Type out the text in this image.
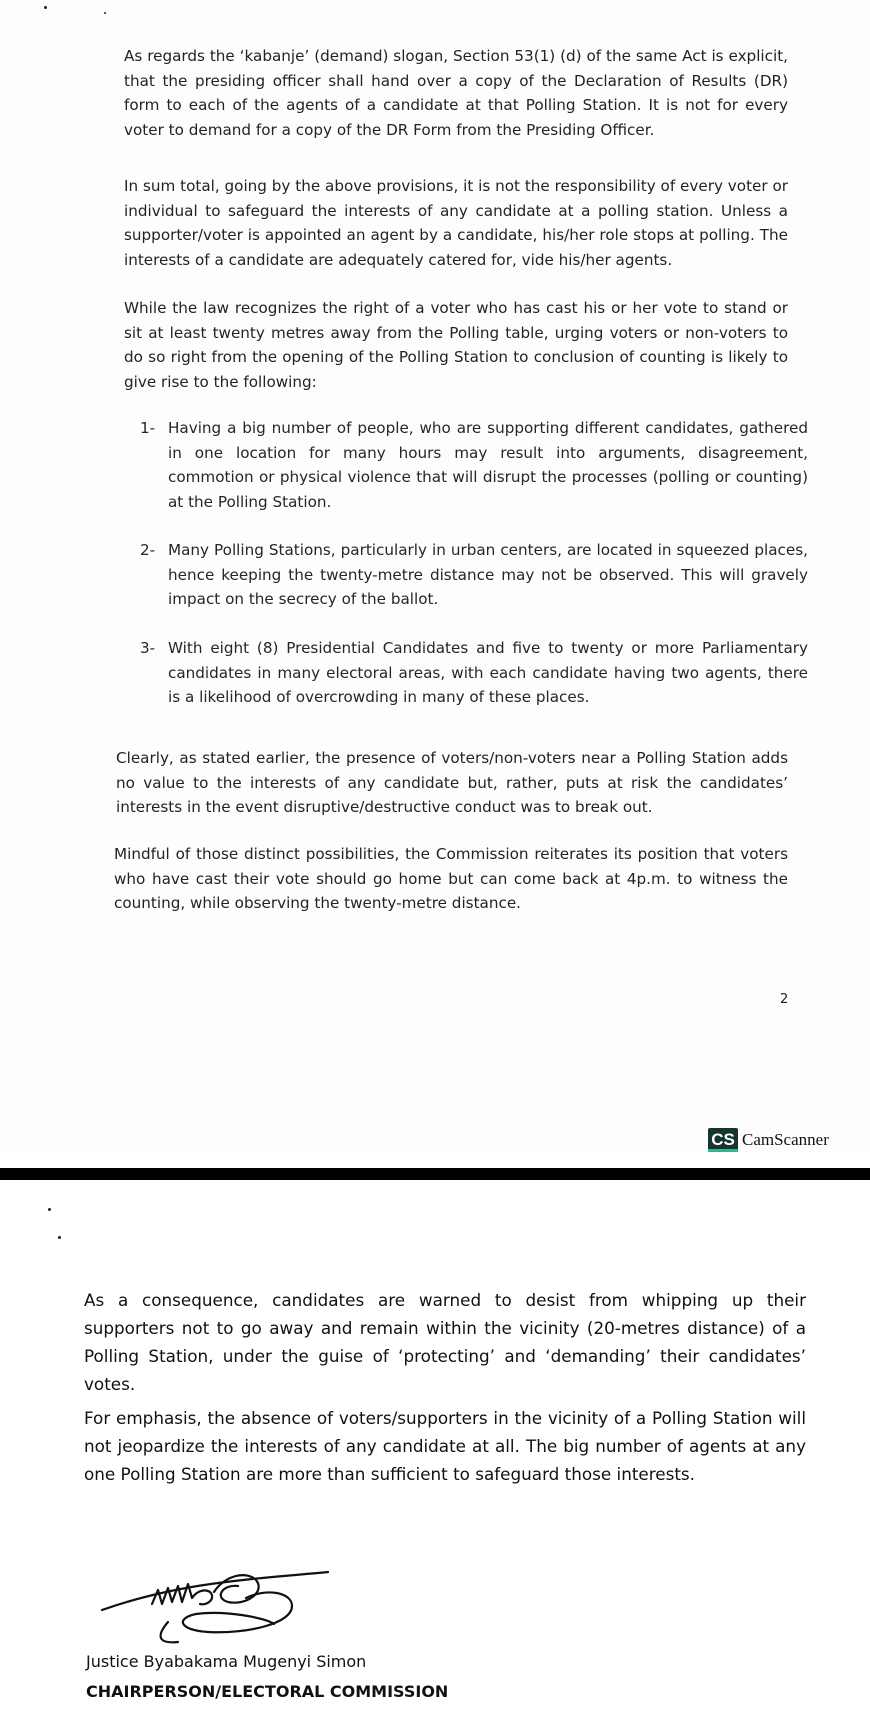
As regards the ‘kabanje’ (demand) slogan, Section 53(1) (d) of the same Act is explicit, that the presiding officer shall hand over a copy of the Declaration of Results (DR) form to each of the agents of a candidate at that Polling Station. It is not for every voter to demand for a copy of the DR Form from the Presiding Officer.

In sum total, going by the above provisions, it is not the responsibility of every voter or individual to safeguard the interests of any candidate at a polling station. Unless a supporter/voter is appointed an agent by a candidate, his/her role stops at polling. The interests of a candidate are adequately catered for, vide his/her agents.

While the law recognizes the right of a voter who has cast his or her vote to stand or sit at least twenty metres away from the Polling table, urging voters or non-voters to do so right from the opening of the Polling Station to conclusion of counting is likely to give rise to the following:

1- Having a big number of people, who are supporting different candidates, gathered in one location for many hours may result into arguments, disagreement, commotion or physical violence that will disrupt the processes (polling or counting) at the Polling Station.
2- Many Polling Stations, particularly in urban centers, are located in squeezed places, hence keeping the twenty-metre distance may not be observed. This will gravely impact on the secrecy of the ballot.
3- With eight (8) Presidential Candidates and five to twenty or more Parliamentary candidates in many electoral areas, with each candidate having two agents, there is a likelihood of overcrowding in many of these places.

Clearly, as stated earlier, the presence of voters/non-voters near a Polling Station adds no value to the interests of any candidate but, rather, puts at risk the candidates’ interests in the event disruptive/destructive conduct was to break out.

Mindful of those distinct possibilities, the Commission reiterates its position that voters who have cast their vote should go home but can come back at 4p.m. to witness the counting, while observing the twenty-metre distance.

2
CS CamScanner

As a consequence, candidates are warned to desist from whipping up their supporters not to go away and remain within the vicinity (20-metres distance) of a Polling Station, under the guise of ‘protecting’ and ‘demanding’ their candidates’ votes.

For emphasis, the absence of voters/supporters in the vicinity of a Polling Station will not jeopardize the interests of any candidate at all. The big number of agents at any one Polling Station are more than sufficient to safeguard those interests.

Justice Byabakama Mugenyi Simon
CHAIRPERSON/ELECTORAL COMMISSION
